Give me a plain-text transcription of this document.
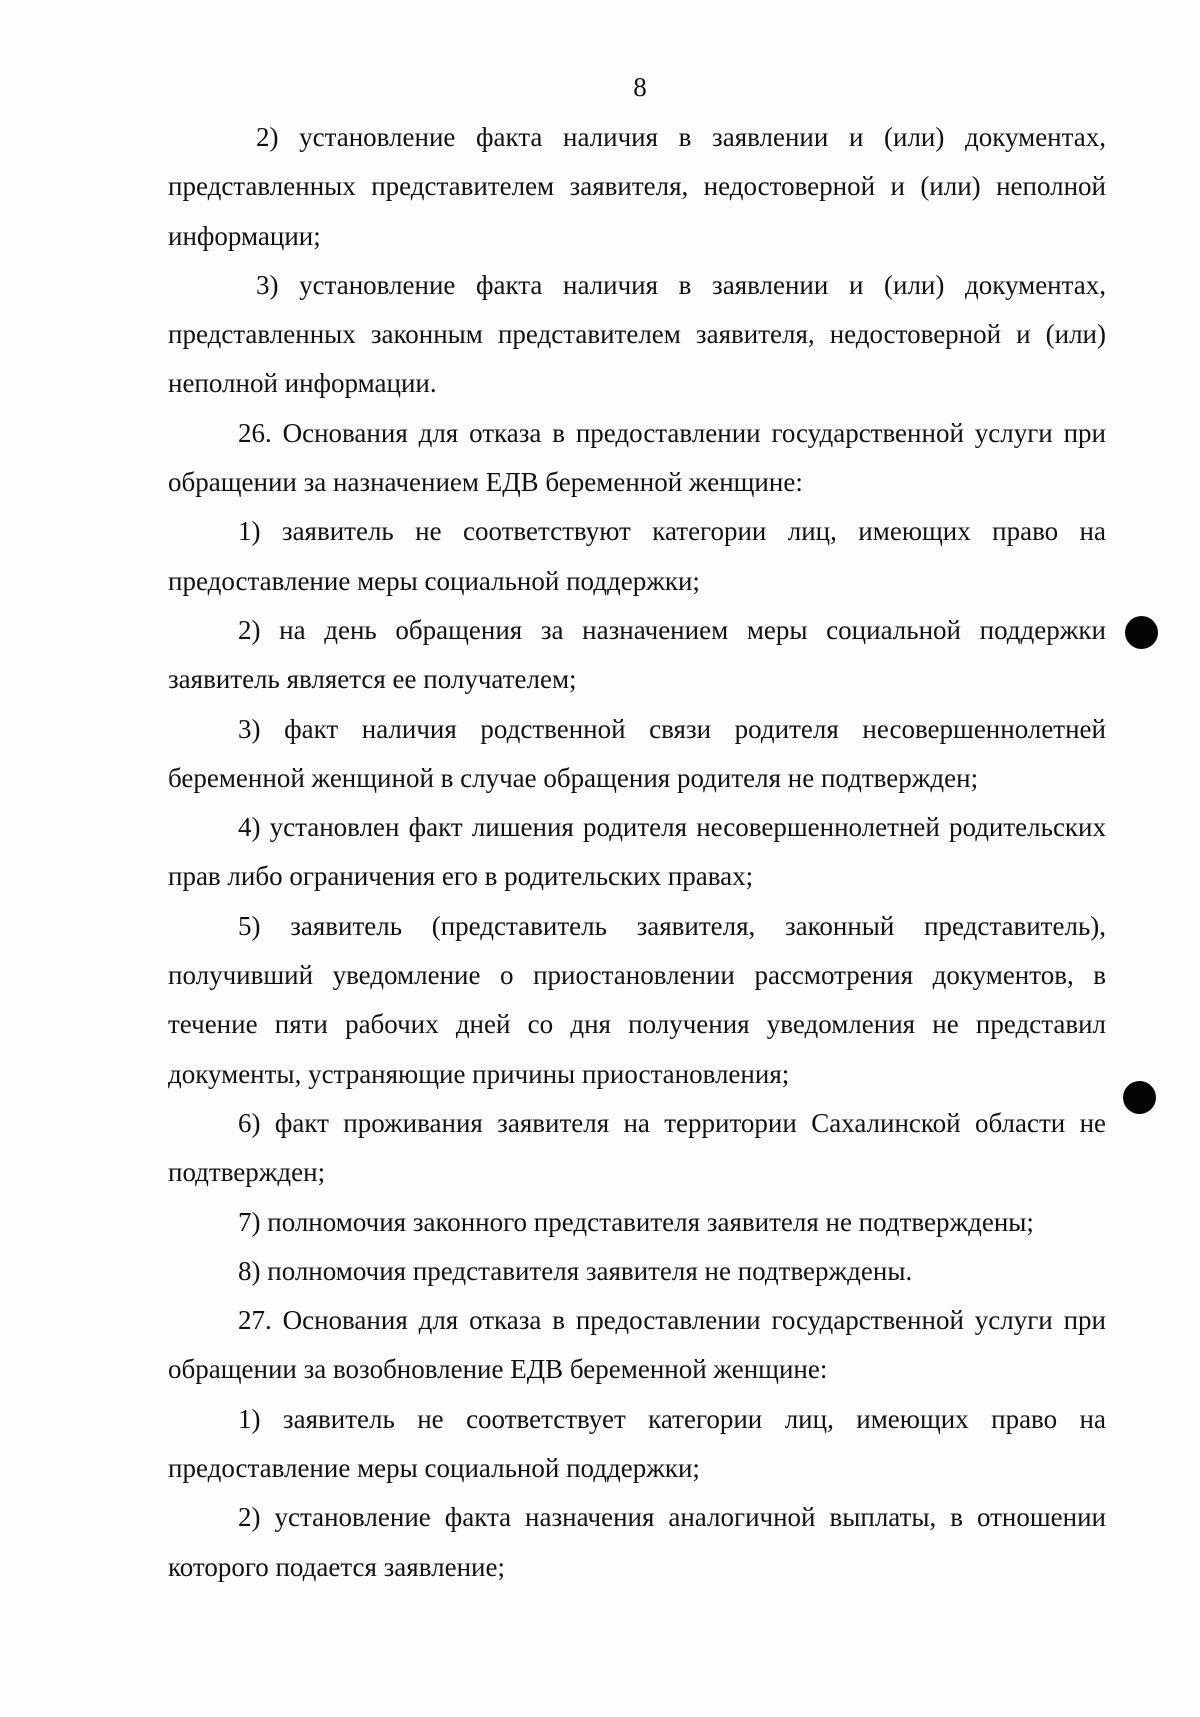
8

2) установление факта наличия в заявлении и (или) документах, представленных представителем заявителя, недостоверной и (или) неполной информации;

3) установление факта наличия в заявлении и (или) документах, представленных законным представителем заявителя, недостоверной и (или) неполной информации.

26. Основания для отказа в предоставлении государственной услуги при обращении за назначением ЕДВ беременной женщине:

1) заявитель не соответствуют категории лиц, имеющих право на предоставление меры социальной поддержки;

2) на день обращения за назначением меры социальной поддержки заявитель является ее получателем;

3) факт наличия родственной связи родителя несовершеннолетней беременной женщиной в случае обращения родителя не подтвержден;

4) установлен факт лишения родителя несовершеннолетней родительских прав либо ограничения его в родительских правах;

5) заявитель (представитель заявителя, законный представитель), получивший уведомление о приостановлении рассмотрения документов, в течение пяти рабочих дней со дня получения уведомления не представил документы, устраняющие причины приостановления;

6) факт проживания заявителя на территории Сахалинской области не подтвержден;

7) полномочия законного представителя заявителя не подтверждены;

8) полномочия представителя заявителя не подтверждены.

27. Основания для отказа в предоставлении государственной услуги при обращении за возобновление ЕДВ беременной женщине:

1) заявитель не соответствует категории лиц, имеющих право на предоставление меры социальной поддержки;

2) установление факта назначения аналогичной выплаты, в отношении которого подается заявление;
